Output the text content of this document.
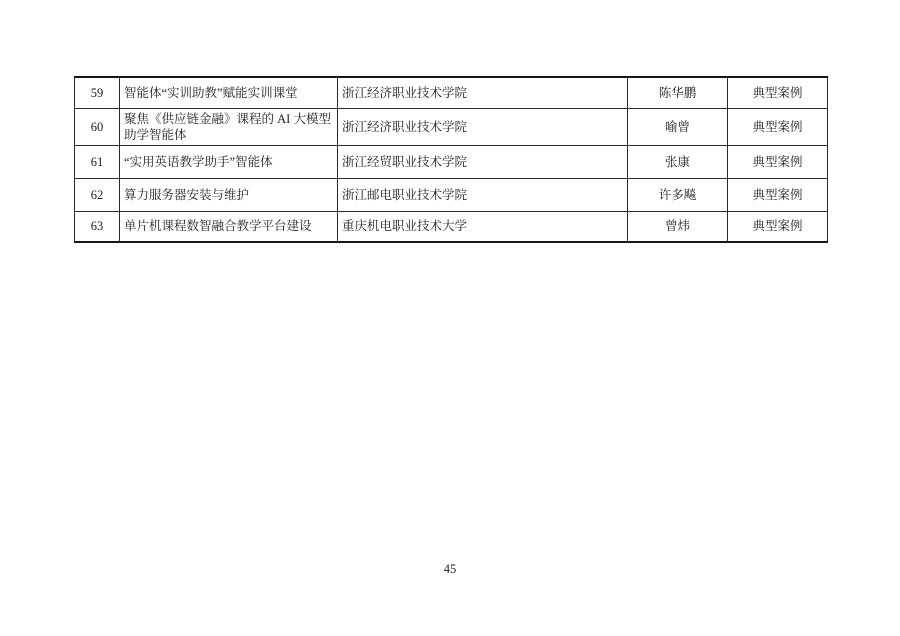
59	智能体“实训助教”赋能实训课堂	浙江经济职业技术学院	陈华鹏	典型案例
60	聚焦《供应链金融》课程的 AI 大模型助学智能体	浙江经济职业技术学院	喻曾	典型案例
61	“实用英语教学助手”智能体	浙江经贸职业技术学院	张康	典型案例
62	算力服务器安装与维护	浙江邮电职业技术学院	许多飚	典型案例
63	单片机课程数智融合教学平台建设	重庆机电职业技术大学	曾炜	典型案例
45
